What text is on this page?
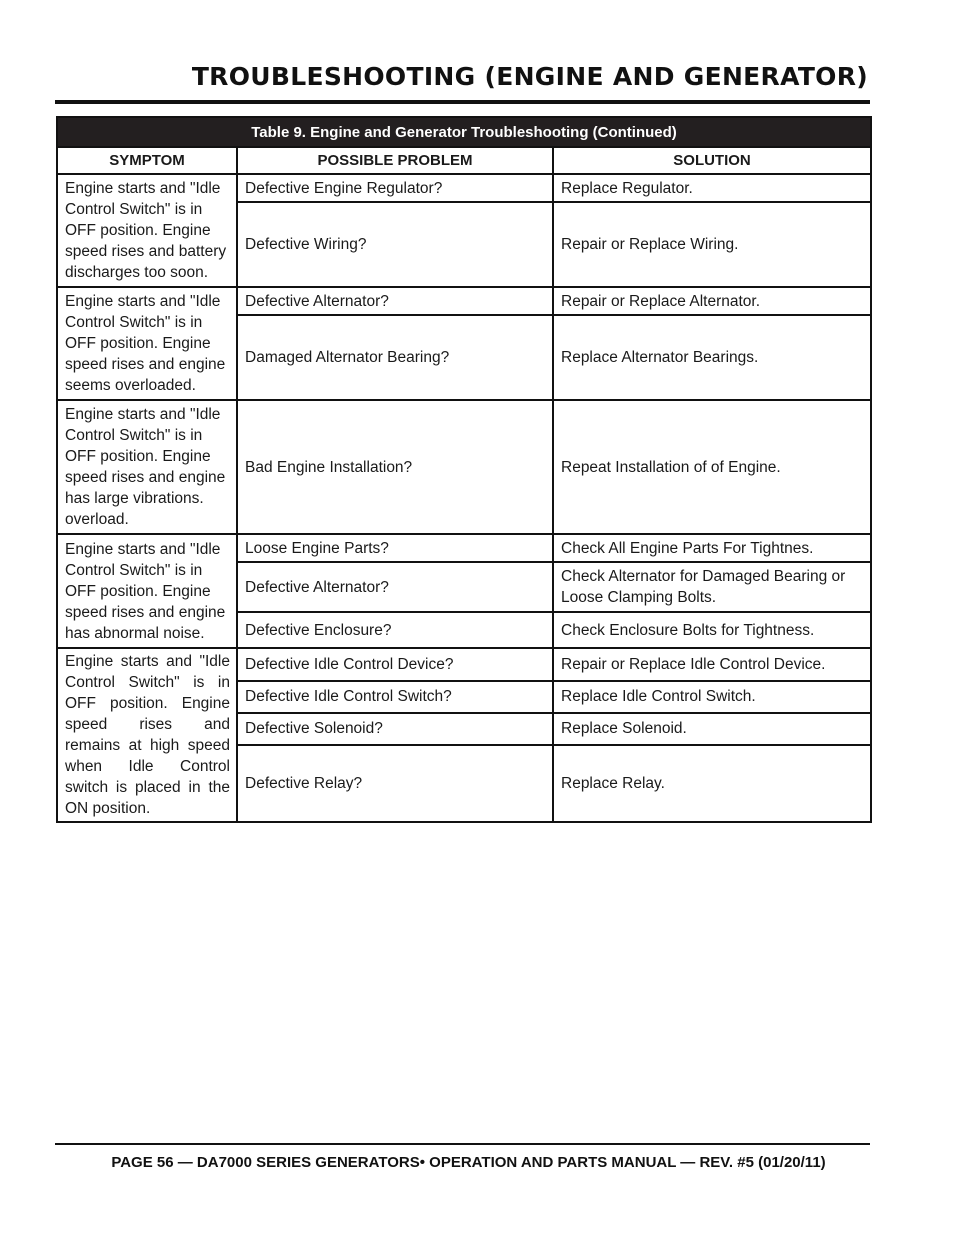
TROUBLESHOOTING (ENGINE AND GENERATOR)
Table 9. Engine and Generator Troubleshooting (Continued)		
SYMPTOM	POSSIBLE PROBLEM	SOLUTION
Engine starts and "Idle Control Switch" is in OFF position. Engine speed rises and battery discharges too soon.	Defective Engine Regulator?	Replace Regulator.
	Defective Wiring?	Repair or Replace Wiring.
Engine starts and "Idle Control Switch" is in OFF position. Engine speed rises and engine seems overloaded.	Defective Alternator?	Repair or Replace Alternator.
	Damaged Alternator Bearing?	Replace Alternator Bearings.
Engine starts and "Idle Control Switch" is in OFF position. Engine speed rises and engine has large vibrations. overload.	Bad Engine Installation?	Repeat Installation of of Engine.
Engine starts and "Idle Control Switch" is in OFF position. Engine speed rises and engine has abnormal noise.	Loose Engine Parts?	Check All Engine Parts For Tightnes.
	Defective Alternator?	Check Alternator for Damaged Bearing or Loose Clamping Bolts.
	Defective Enclosure?	Check Enclosure Bolts for Tightness.
Engine starts and "Idle Control Switch" is in OFF position. Engine speed rises and remains at high speed when Idle Control switch is placed in the ON position.	Defective Idle Control Device?	Repair or Replace Idle Control Device.
	Defective Idle Control Switch?	Replace Idle Control Switch.
	Defective Solenoid?	Replace Solenoid.
	Defective Relay?	Replace Relay.
PAGE 56 — DA7000 SERIES GENERATORS• OPERATION AND PARTS MANUAL — REV. #5 (01/20/11)
